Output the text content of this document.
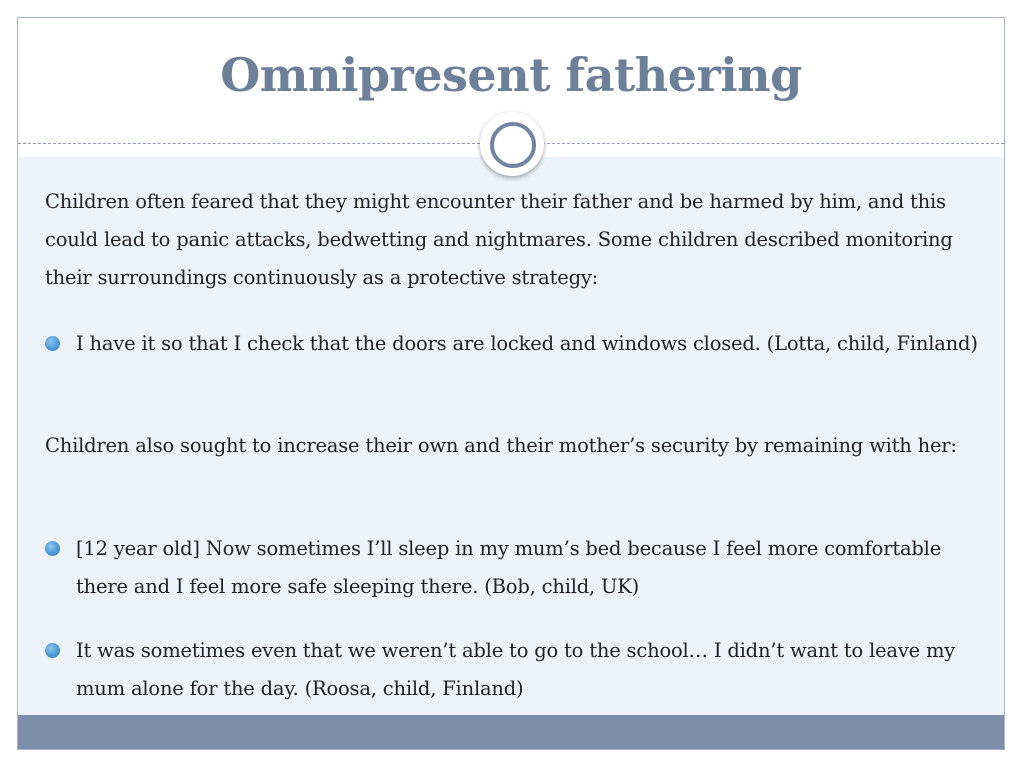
Omnipresent fathering

Children often feared that they might encounter their father and be harmed by him, and this could lead to panic attacks, bedwetting and nightmares. Some children described monitoring their surroundings continuously as a protective strategy:

I have it so that I check that the doors are locked and windows closed. (Lotta, child, Finland)

Children also sought to increase their own and their mother’s security by remaining with her:

[12 year old] Now sometimes I’ll sleep in my mum’s bed because I feel more comfortable there and I feel more safe sleeping there. (Bob, child, UK)

It was sometimes even that we weren’t able to go to the school… I didn’t want to leave my mum alone for the day. (Roosa, child, Finland)
